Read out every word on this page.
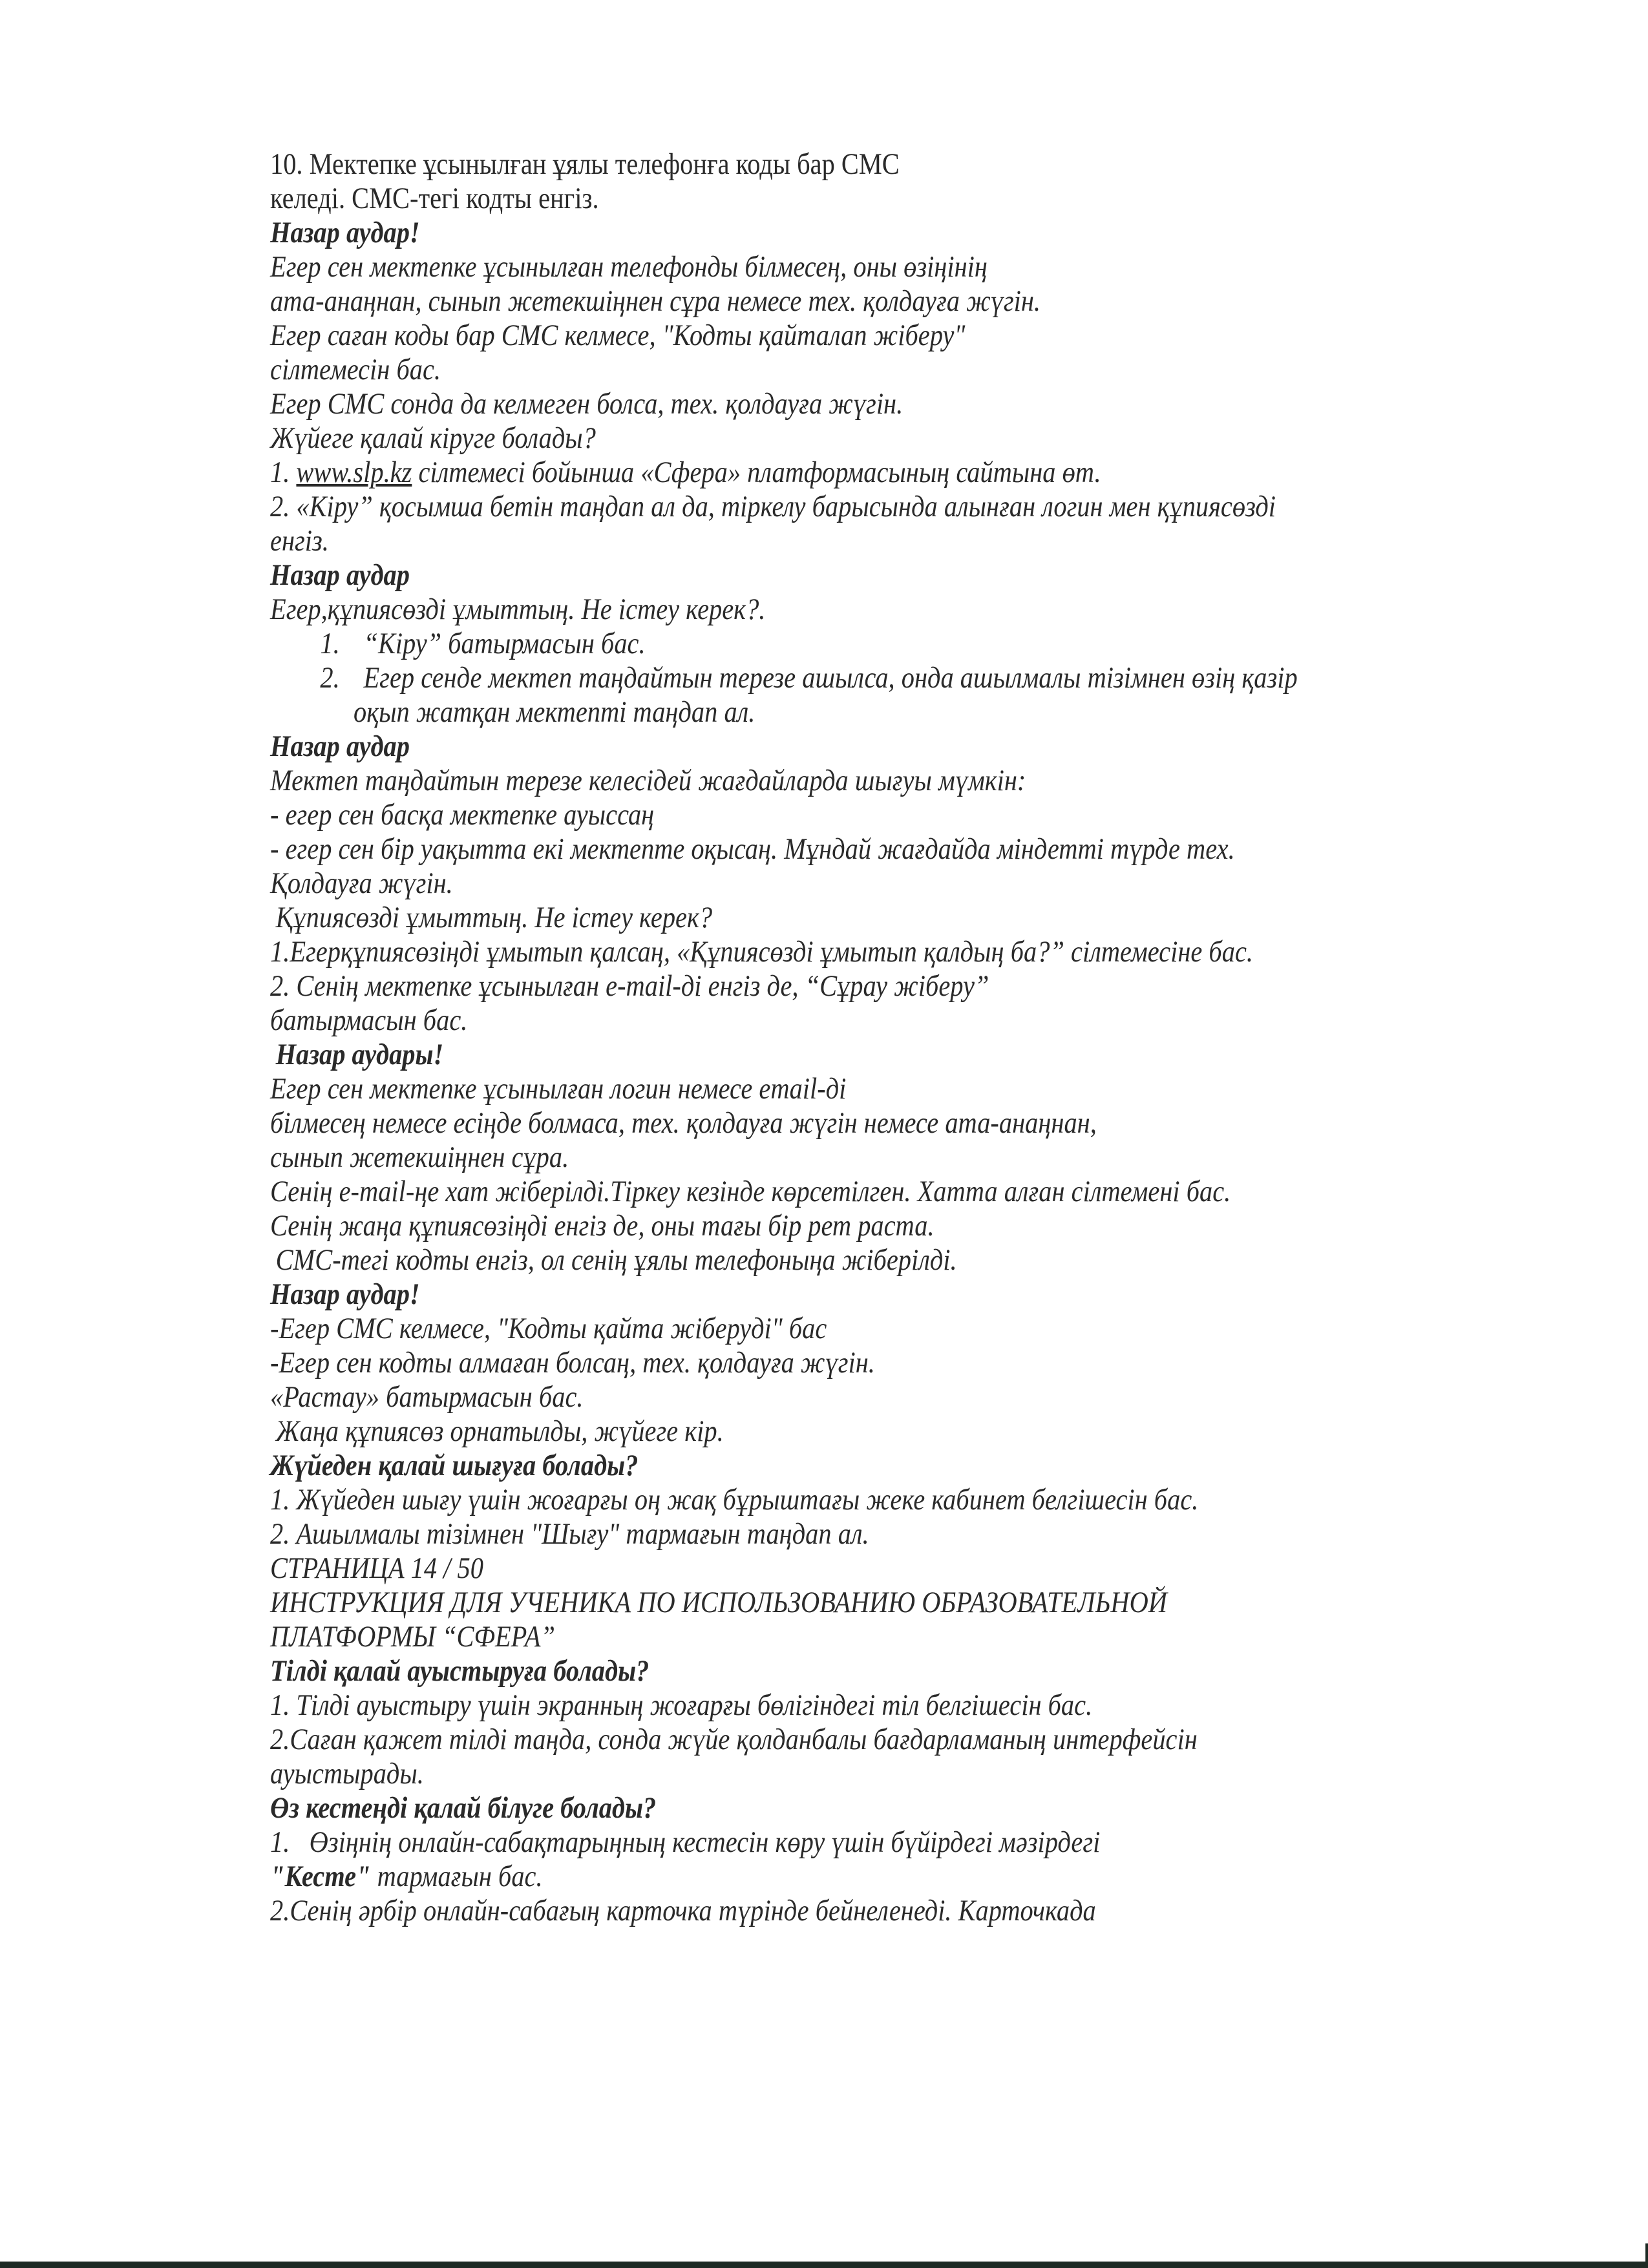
10. Мектепке ұсынылған ұялы телефонға коды бар СМС
келеді. СМС-тегі кодты енгіз.
Назар аудар!
Егер сен мектепке ұсынылған телефонды білмесең, оны өзіңінің
ата-анаңнан, сынып жетекшіңнен сұра немесе тех. қолдауға жүгін.
Егер саған коды бар СМС келмесе, "Кодты қайталап жіберу"
сілтемесін бас.
Егер СМС сонда да келмеген болса, тех. қолдауға жүгін.
Жүйеге қалай кіруге болады?
1. www.slp.kz сілтемесі бойынша «Сфера» платформасының сайтына өт.
2. «Кіру” қосымша бетін таңдап ал да, тіркелу барысында алынған логин мен құпиясөзді
енгіз.
Назар аудар
Егер,құпиясөзді ұмыттың. Не істеу керек?.
1. “Кіру” батырмасын бас.
2. Егер сенде мектеп таңдайтын терезе ашылса, онда ашылмалы тізімнен өзің қазір
оқып жатқан мектепті таңдап ал.
Назар аудар
Мектеп таңдайтын терезе келесідей жағдайларда шығуы мүмкін:
- егер сен басқа мектепке ауыссаң
- егер сен бір уақытта екі мектепте оқысаң. Мұндай жағдайда міндетті түрде тех.
Қолдауға жүгін.
Құпиясөзді ұмыттың. Не істеу керек?
1.Егерқұпиясөзіңді ұмытып қалсаң, «Құпиясөзді ұмытып қалдың ба?” сілтемесіне бас.
2. Сенің мектепке ұсынылған e-mail-ді енгіз де, “Сұрау жіберу”
батырмасын бас.
Назар аудары!
Егер сен мектепке ұсынылған логин немесе email-ді
білмесең немесе есіңде болмаса, тех. қолдауға жүгін немесе ата-анаңнан,
сынып жетекшіңнен сұра.
Сенің e-mail-ңе хат жіберілді.Тіркеу кезінде көрсетілген. Хатта алған сілтемені бас.
Сенің жаңа құпиясөзіңді енгіз де, оны тағы бір рет раста.
СМС-тегі кодты енгіз, ол сенің ұялы телефоныңа жіберілді.
Назар аудар!
-Егер СМС келмесе, "Кодты қайта жіберуді" бас
-Егер сен кодты алмаған болсаң, тех. қолдауға жүгін.
«Растау» батырмасын бас.
Жаңа құпиясөз орнатылды, жүйеге кір.
Жүйеден қалай шығуға болады?
1. Жүйеден шығу үшін жоғарғы оң жақ бұрыштағы жеке кабинет белгішесін бас.
2. Ашылмалы тізімнен "Шығу" тармағын таңдап ал.
СТРАНИЦА 14 / 50
ИНСТРУКЦИЯ ДЛЯ УЧЕНИКА ПО ИСПОЛЬЗОВАНИЮ ОБРАЗОВАТЕЛЬНОЙ
ПЛАТФОРМЫ “СФЕРА”
Тілді қалай ауыстыруға болады?
1. Тілді ауыстыру үшін экранның жоғарғы бөлігіндегі тіл белгішесін бас.
2.Саған қажет тілді таңда, сонда жүйе қолданбалы бағдарламаның интерфейсін
ауыстырады.
Өз кестеңді қалай білуге болады?
1. Өзіңнің онлайн-сабақтарыңның кестесін көру үшін бүйірдегі мәзірдегі
"Кесте" тармағын бас.
2.Сенің әрбір онлайн-сабағың карточка түрінде бейнеленеді. Карточкада
